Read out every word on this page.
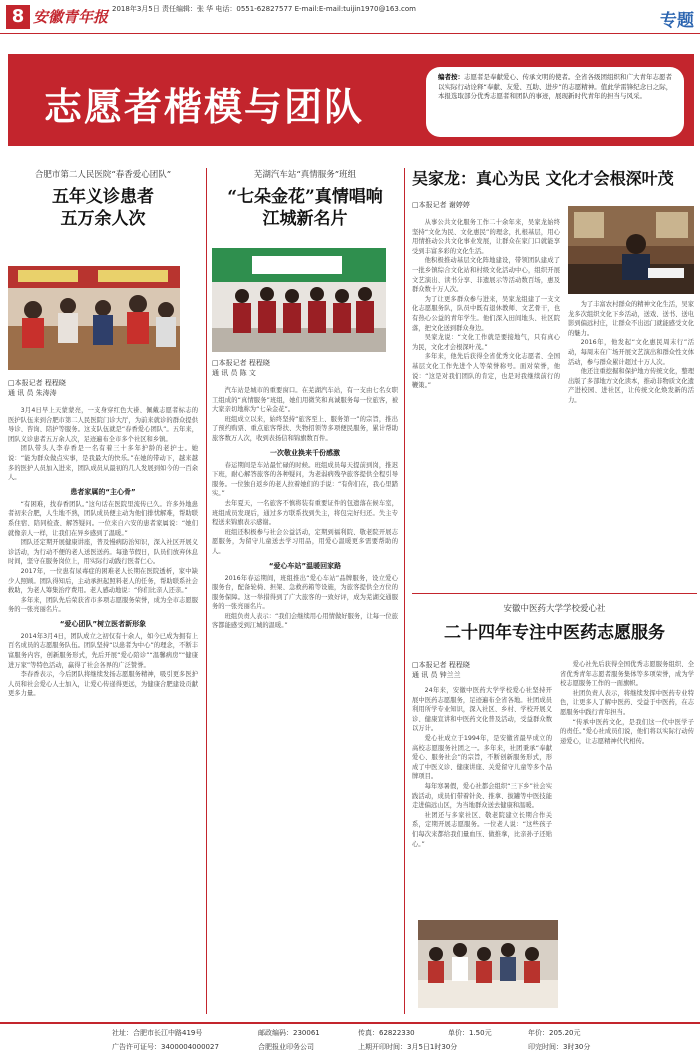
8 安徽青年报 2018年3月5日 责任编辑：张 华 电话：0551-62827577 E-mail:E-mail:tuijin1970@163.com
专题
志愿者楷模与团队
编者按：志愿者是奉献爱心、传承文明的使者。全省各级团组织和广大青年志愿者以实际行动诠释“奉献、友爱、互助、进步”的志愿精神。值此学雷锋纪念日之际，本报选取部分优秀志愿者和团队的事迹，展现新时代青年的担当与风采。
合肥市第二人民医院“春香爱心团队”
五年义诊患者
五万余人次
□本报记者 程程晓
通 讯 员 朱涛涛

3月4日早上天蒙蒙亮，一支身穿红色大褂、佩戴志愿者标志的医护队伍来到合肥市第二人民医院门诊大厅，为前来就诊的群众提供导诊、咨询、陪护等服务。这支队伍就是“春香爱心团队”。五年来，团队义诊患者五万余人次，足迹遍布全市多个社区和乡镇。

团队带头人李春香是一名有着三十多年护龄的老护士。她说：“能为群众做点实事，是我最大的快乐。”在她的带动下，越来越多的医护人员加入进来，团队成员从最初的几人发展到如今的一百余人。

患者家属的“主心骨”

“有困难，找春香团队。”这句话在医院里流传已久。许多外地患者初来合肥，人生地不熟，团队成员便主动为他们排忧解难，帮助联系住宿、陪同检查、解答疑问。一位来自六安的患者家属说：“她们就像亲人一样，让我们在异乡感到了温暖。”

团队还定期开展健康讲座，普及慢病防治知识，深入社区开展义诊活动，为行动不便的老人送医送药。每逢节假日，队员们放弃休息时间，坚守在服务岗位上，用实际行动践行医者仁心。

2017年，一位患有尿毒症的困难老人长期在医院透析，家中缺少人照顾。团队得知后，主动承担起照料老人的任务，帮助联系社会救助，为老人筹集治疗费用。老人感动地说：“你们比亲人还亲。”

多年来，团队先后荣获省市多项志愿服务荣誉，成为全市志愿服务的一张亮丽名片。

“爱心团队”树立医者新形象

2014年3月4日，团队成立之初仅有十余人，如今已成为拥有上百名成员的志愿服务队伍。团队坚持“以患者为中心”的理念，不断丰富服务内容，创新服务形式，先后开展“爱心陪诊”“温馨病房”“健康进万家”等特色活动，赢得了社会各界的广泛赞誉。

李春香表示，今后团队将继续发扬志愿服务精神，吸引更多医护人员和社会爱心人士加入，让爱心传递得更远，为健康合肥建设贡献更多力量。

芜湖汽车站“真情服务”班组
“七朵金花”真情唱响
江城新名片
□本报记者 程程晓
通 讯 员 陈 文

汽车站是城市的重要窗口。在芜湖汽车站，有一支由七名女职工组成的“真情服务”班组，她们用微笑和真诚服务每一位旅客，被大家亲切地称为“七朵金花”。

班组成立以来，始终坚持“旅客至上、服务第一”的宗旨，推出了预约购票、重点旅客帮扶、失物招领等多项便民服务，累计帮助旅客数万人次，收到表扬信和锦旗数百件。

一次敬业换来千份感激

春运期间是车站最忙碌的时候。班组成员每天提前到岗，推迟下班，耐心解答旅客的各种疑问，为老弱病残孕旅客提供全程引导服务。一位独自返乡的老人拉着她们的手说：“有你们在，我心里踏实。”

去年夏天，一名旅客不慎将装有重要证件的包遗落在候车室，班组成员发现后，通过多方联系找到失主，将包完好归还。失主专程送来锦旗表示感谢。

班组还积极参与社会公益活动，定期到福利院、敬老院开展志愿服务，为留守儿童送去学习用品，用爱心温暖更多需要帮助的人。

“爱心车站”温暖回家路

2016年春运期间，班组推出“爱心车站”品牌服务，设立爱心服务台，配备轮椅、担架、急救药箱等设施，为旅客提供全方位的服务保障。这一举措得到了广大旅客的一致好评，成为芜湖交通服务的一张亮丽名片。

班组负责人表示：“我们会继续用心用情做好服务，让每一位旅客都能感受到江城的温暖。”

吴家龙：真心为民 文化才会根深叶茂
□本报记者 谢婷婷

从事公共文化服务工作二十余年来，吴家龙始终坚持“文化为民、文化惠民”的理念，扎根基层，用心用情推动公共文化事业发展，让群众在家门口就能享受到丰富多彩的文化生活。

他积极推动基层文化阵地建设，带领团队建成了一批乡镇综合文化站和村级文化活动中心，组织开展文艺演出、读书分享、非遗展示等活动数百场，惠及群众数十万人次。

为了让更多群众参与进来，吴家龙组建了一支文化志愿服务队，队员中既有退休教师、文艺骨干，也有热心公益的青年学生。他们深入田间地头、社区院落，把文化送到群众身边。

吴家龙说：“文化工作就是要接地气，只有真心为民，文化才会根深叶茂。”

多年来，他先后获得全省优秀文化志愿者、全国基层文化工作先进个人等荣誉称号。面对荣誉，他说：“这是对我们团队的肯定，也是对我继续前行的鞭策。”

为了丰富农村群众的精神文化生活，吴家龙多次组织文化下乡活动，送戏、送书、送电影到偏远村庄，让群众不出远门就能感受文化的魅力。

2016年，他发起“文化惠民周末行”活动，每周末在广场开展文艺演出和群众性文体活动，参与群众累计超过十万人次。

他还注重挖掘和保护地方传统文化，整理出版了多部地方文化读本，推动非物质文化遗产进校园、进社区，让传统文化焕发新的活力。

安徽中医药大学学校爱心社
二十四年专注中医药志愿服务
□本报记者 程程晓
通 讯 员 钟兰兰

24年来，安徽中医药大学学校爱心社坚持开展中医药志愿服务，足迹遍布全省各地。社团成员利用所学专业知识，深入社区、乡村、学校开展义诊、健康宣讲和中医药文化普及活动，受益群众数以万计。

爱心社成立于1994年，是安徽省最早成立的高校志愿服务社团之一。多年来，社团秉承“奉献爱心、服务社会”的宗旨，不断创新服务形式，形成了中医义诊、健康讲座、关爱留守儿童等多个品牌项目。

每年寒暑假，爱心社都会组织“三下乡”社会实践活动，成员们带着针灸、推拿、拔罐等中医技能走进偏远山区，为当地群众送去健康和温暖。

社团还与多家社区、敬老院建立长期合作关系，定期开展志愿服务。一位老人说：“这些孩子们每次来都给我们量血压、做推拿，比亲孙子还贴心。”

爱心社先后获得全国优秀志愿服务组织、全省优秀青年志愿者服务集体等多项荣誉，成为学校志愿服务工作的一面旗帜。

社团负责人表示，将继续发挥中医药专业特色，让更多人了解中医药、受益于中医药，在志愿服务中践行青年担当。

“传承中医药文化，是我们这一代中医学子的责任。”爱心社成员们说，他们将以实际行动传递爱心，让志愿精神代代相传。

社址：合肥市长江中路419号	邮政编码：230061	传真：62822330	单价：1.50元	年价：205.20元
广告许可证号：3400004000027	合肥报业印务公司	上期开印时间：3月5日1时30分	印完时间：3时30分
